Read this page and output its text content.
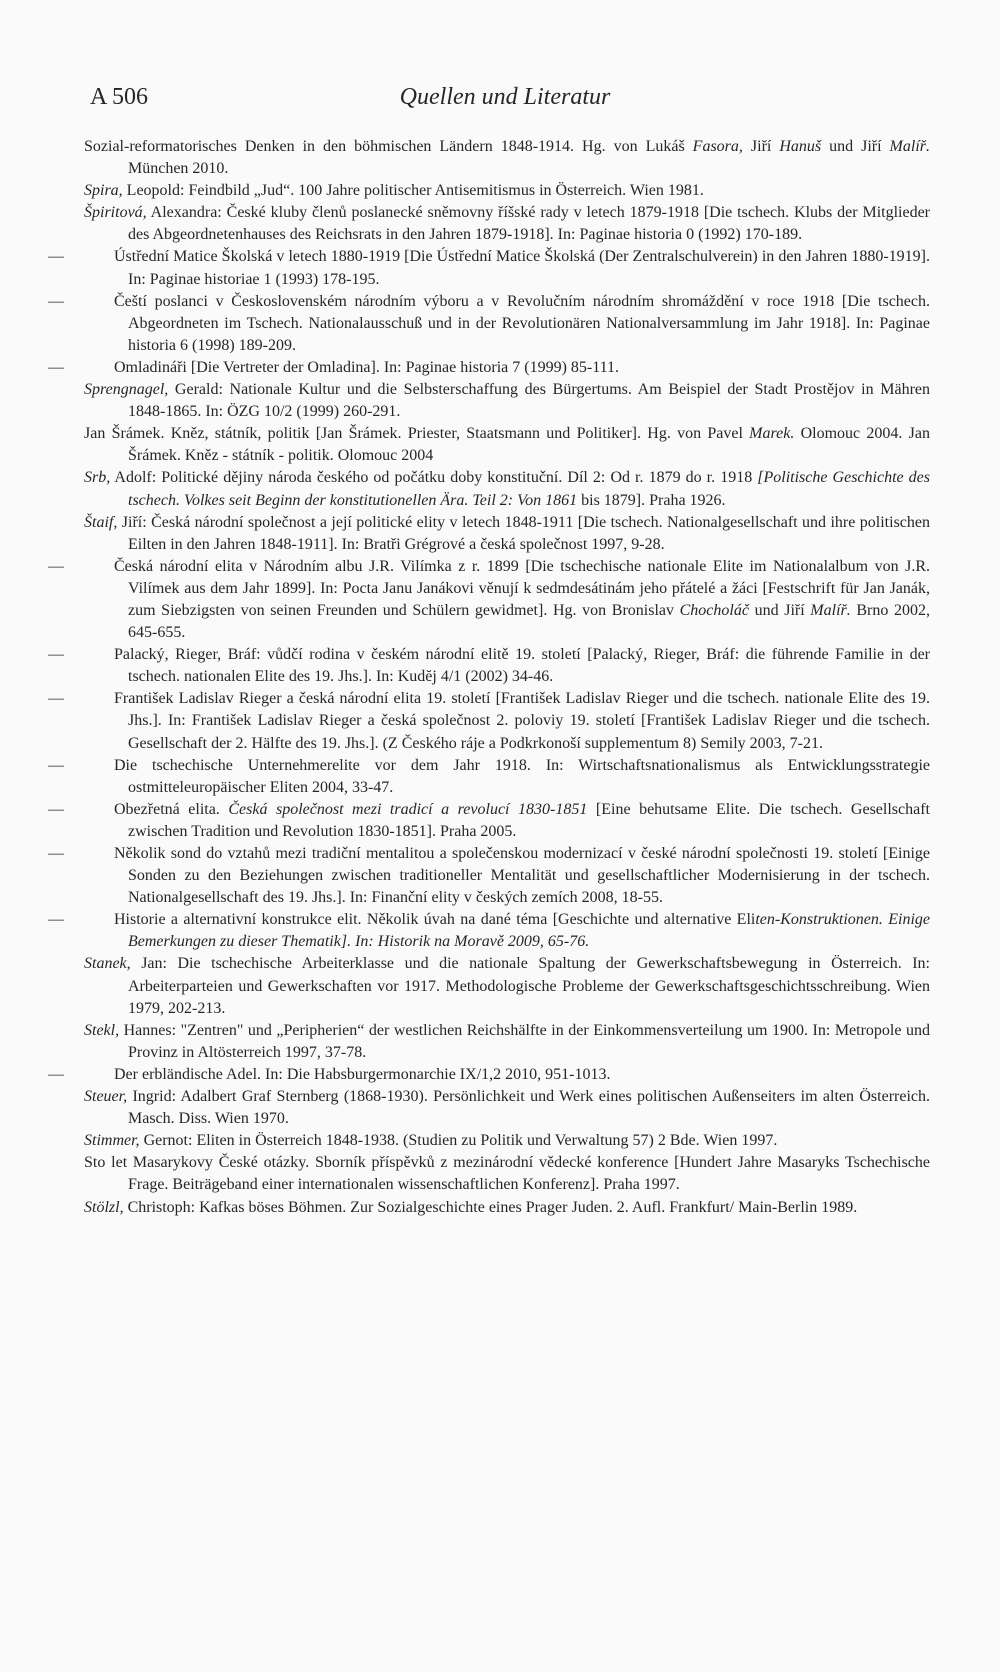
A 506	Quellen und Literatur
Sozial-reformatorisches Denken in den böhmischen Ländern 1848-1914. Hg. von Lukáš Fasora, Jiří Hanuš und Jiří Malíř. München 2010.
Spira, Leopold: Feindbild „Jud“. 100 Jahre politischer Antisemitismus in Österreich. Wien 1981.
Špiritová, Alexandra: České kluby členů poslanecké sněmovny říšské rady v letech 1879-1918 [Die tschech. Klubs der Mitglieder des Abgeordnetenhauses des Reichsrats in den Jahren 1879-1918]. In: Paginae historia 0 (1992) 170-189.
—	Ústřední Matice Školská v letech 1880-1919 [Die Ústřední Matice Školská (Der Zentralschulverein) in den Jahren 1880-1919]. In: Paginae historiae 1 (1993) 178-195.
—	Čeští poslanci v Československém národním výboru a v Revolučním národním shromáždění v roce 1918 [Die tschech. Abgeordneten im Tschech. Nationalausschuß und in der Revolutionären Nationalversammlung im Jahr 1918]. In: Paginae historia 6 (1998) 189-209.
—	Omladináři [Die Vertreter der Omladina]. In: Paginae historia 7 (1999) 85-111.
Sprengnagel, Gerald: Nationale Kultur und die Selbsterschaffung des Bürgertums. Am Beispiel der Stadt Prostějov in Mähren 1848-1865. In: ÖZG 10/2 (1999) 260-291.
Jan Šrámek. Kněz, státník, politik [Jan Šrámek. Priester, Staatsmann und Politiker]. Hg. von Pavel Marek. Olomouc 2004. Jan Šrámek. Kněz - státník - politik. Olomouc 2004
Srb, Adolf: Politické dějiny národa českého od počátku doby konstituční. Díl 2: Od r. 1879 do r. 1918 [Politische Geschichte des tschech. Volkes seit Beginn der konstitutionellen Ära. Teil 2: Von 1861 bis 1879]. Praha 1926.
Štaif, Jiří: Česká národní společnost a její politické elity v letech 1848-1911 [Die tschech. Nationalgesellschaft und ihre politischen Eilten in den Jahren 1848-1911]. In: Bratři Grégrové a česká společnost 1997, 9-28.
—	Česká národní elita v Národním albu J.R. Vilímka z r. 1899 [Die tschechische nationale Elite im Nationalalbum von J.R. Vilímek aus dem Jahr 1899]. In: Pocta Janu Janákovi věnují k sedmdesátinám jeho přátelé a žáci [Festschrift für Jan Janák, zum Siebzigsten von seinen Freunden und Schülern gewidmet]. Hg. von Bronislav Chocholáč und Jiří Malíř. Brno 2002, 645-655.
—	Palacký, Rieger, Bráf: vůdčí rodina v českém národní elitě 19. století [Palacký, Rieger, Bráf: die führende Familie in der tschech. nationalen Elite des 19. Jhs.]. In: Kudĕj 4/1 (2002) 34-46.
—	František Ladislav Rieger a česká národní elita 19. století [František Ladislav Rieger und die tschech. nationale Elite des 19. Jhs.]. In: František Ladislav Rieger a česká společnost 2. poloviy 19. století [František Ladislav Rieger und die tschech. Gesellschaft der 2. Hälfte des 19. Jhs.]. (Z Českého ráje a Podkrkonoší supplementum 8) Semily 2003, 7-21.
—	Die tschechische Unternehmerelite vor dem Jahr 1918. In: Wirtschaftsnationalismus als Entwicklungsstrategie ostmitteleuropäischer Eliten 2004, 33-47.
—	Obezřetná elita. Česká společnost mezi tradicí a revolucí 1830-1851 [Eine behutsame Elite. Die tschech. Gesellschaft zwischen Tradition und Revolution 1830-1851]. Praha 2005.
—	Několik sond do vztahů mezi tradiční mentalitou a společenskou modernizací v české národní společnosti 19. století [Einige Sonden zu den Beziehungen zwischen traditioneller Mentalität und gesellschaftlicher Modernisierung in der tschech. Nationalgesellschaft des 19. Jhs.]. In: Finanční elity v českých zemích 2008, 18-55.
—	Historie a alternativní konstrukce elit. Několik úvah na dané téma [Geschichte und alternative Eliten-Konstruktionen. Einige Bemerkungen zu dieser Thematik]. In: Historik na Moravě 2009, 65-76.
Stanek, Jan: Die tschechische Arbeiterklasse und die nationale Spaltung der Gewerkschaftsbewegung in Österreich. In: Arbeiterparteien und Gewerkschaften vor 1917. Methodologische Probleme der Gewerkschaftsgeschichtsschreibung. Wien 1979, 202-213.
Stekl, Hannes: "Zentren" und „Peripherien“ der westlichen Reichshälfte in der Einkommensverteilung um 1900. In: Metropole und Provinz in Altösterreich 1997, 37-78.
—	Der erbländische Adel. In: Die Habsburgermonarchie IX/1,2 2010, 951-1013.
Steuer, Ingrid: Adalbert Graf Sternberg (1868-1930). Persönlichkeit und Werk eines politischen Außenseiters im alten Österreich. Masch. Diss. Wien 1970.
Stimmer, Gernot: Eliten in Österreich 1848-1938. (Studien zu Politik und Verwaltung 57) 2 Bde. Wien 1997.
Sto let Masarykovy České otázky. Sborník příspěvků z mezinárodní vědecké konference [Hundert Jahre Masaryks Tschechische Frage. Beiträgeband einer internationalen wissenschaftlichen Konferenz]. Praha 1997.
Stölzl, Christoph: Kafkas böses Böhmen. Zur Sozialgeschichte eines Prager Juden. 2. Aufl. Frankfurt/ Main-Berlin 1989.
